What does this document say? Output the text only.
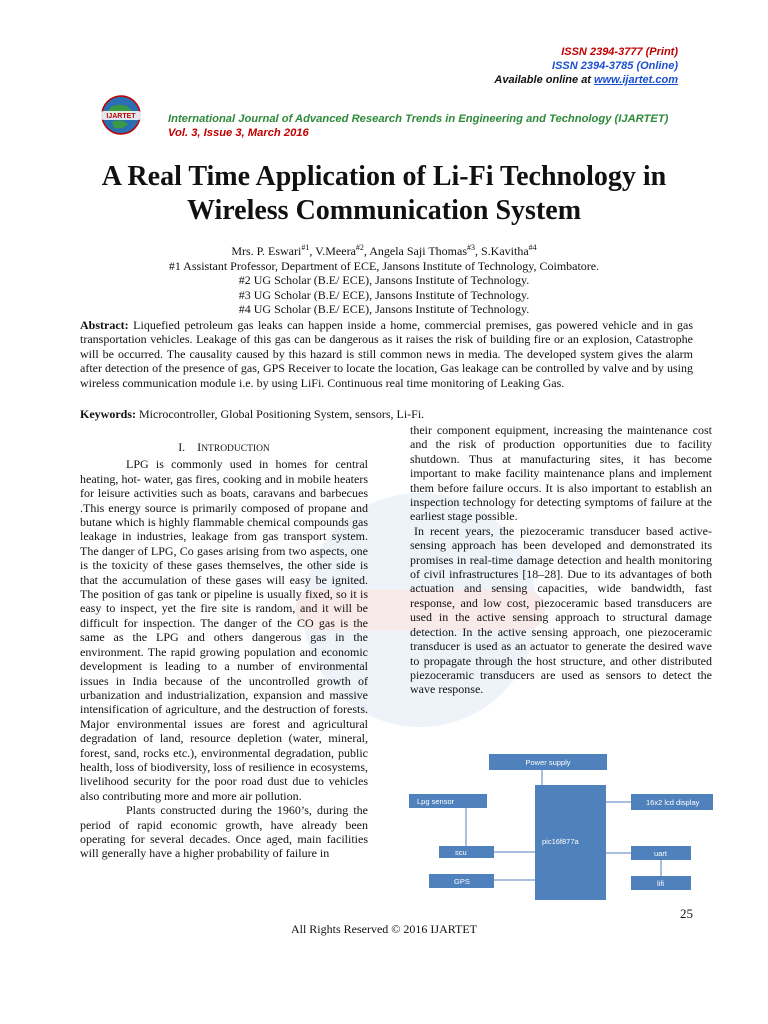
ISSN 2394-3777 (Print)
ISSN 2394-3785 (Online)
Available online at www.ijartet.com
IJARTET	International Journal of Advanced Research Trends in Engineering and Technology (IJARTET)
Vol. 3, Issue 3, March 2016
A Real Time Application of Li-Fi Technology in
Wireless Communication System
Mrs. P. Eswari$^{\#1}$, V.Meera$^{\#2}$, Angela Saji Thomas$^{\#3}$, S.Kavitha$^{\#4}$
#1 Assistant Professor, Department of ECE, Jansons Institute of Technology, Coimbatore.
#2 UG Scholar (B.E/ ECE), Jansons Institute of Technology.
#3 UG Scholar (B.E/ ECE), Jansons Institute of Technology.
#4 UG Scholar (B.E/ ECE), Jansons Institute of Technology.
Abstract: Liquefied petroleum gas leaks can happen inside a home, commercial premises, gas powered vehicle and in gas transportation vehicles. Leakage of this gas can be dangerous as it raises the risk of building fire or an explosion, Catastrophe will be occurred. The causality caused by this hazard is still common news in media. The developed system gives the alarm after detection of the presence of gas, GPS Receiver to locate the location, Gas leakage can be controlled by valve and by using wireless communication module i.e. by using LiFi. Continuous real time monitoring of Leaking Gas.
Keywords: Microcontroller, Global Positioning System, sensors, Li-Fi.
I.    INTRODUCTION

LPG is commonly used in homes for central heating, hot- water, gas fires, cooking and in mobile heaters for leisure activities such as boats, caravans and barbecues .This energy source is primarily composed of propane and butane which is highly flammable chemical compounds gas leakage in industries, leakage from gas transport system. The danger of LPG, Co gases arising from two aspects, one is the toxicity of these gases themselves, the other side is that the accumulation of these gases will easy be ignited. The position of gas tank or pipeline is usually fixed, so it is easy to inspect, yet the fire site is random, and it will be difficult for inspection. The danger of the CO gas is the same as the LPG and others dangerous gas in the environment. The rapid growing population and economic development is leading to a number of environmental issues in India because of the uncontrolled growth of urbanization and industrialization, expansion and massive intensification of agriculture, and the destruction of forests. Major environmental issues are forest and agricultural degradation of land, resource depletion (water, mineral, forest, sand, rocks etc.), environmental degradation, public health, loss of biodiversity, loss of resilience in ecosystems, livelihood security for the poor road dust due to vehicles also contributing more and more air pollution.

Plants constructed during the 1960’s, during the period of rapid economic growth, have already been operating for several decades. Once aged, main facilities will generally have a higher probability of failure in

their component equipment, increasing the maintenance cost and the risk of production opportunities due to facility shutdown. Thus at manufacturing sites, it has become important to make facility maintenance plans and implement them before failure occurs. It is also important to establish an inspection technology for detecting symptoms of failure at the earliest stage possible.

In recent years, the piezoceramic transducer based active-sensing approach has been developed and demonstrated its promises in real-time damage detection and health monitoring of civil infrastructures [18–28]. Due to its advantages of both actuation and sensing capacities, wide bandwidth, fast response, and low cost, piezoceramic based transducers are used in the active sensing approach to structural damage detection. In the active sensing approach, one piezoceramic transducer is used as an actuator to generate the desired wave to propagate through the host structure, and other distributed piezoceramic transducers are used as sensors to detect the wave response.

Power supply
Lpg sensor
pic16f877a
16x2 lcd display
scu	uart
GPS	lifi
25
All Rights Reserved © 2016 IJARTET
